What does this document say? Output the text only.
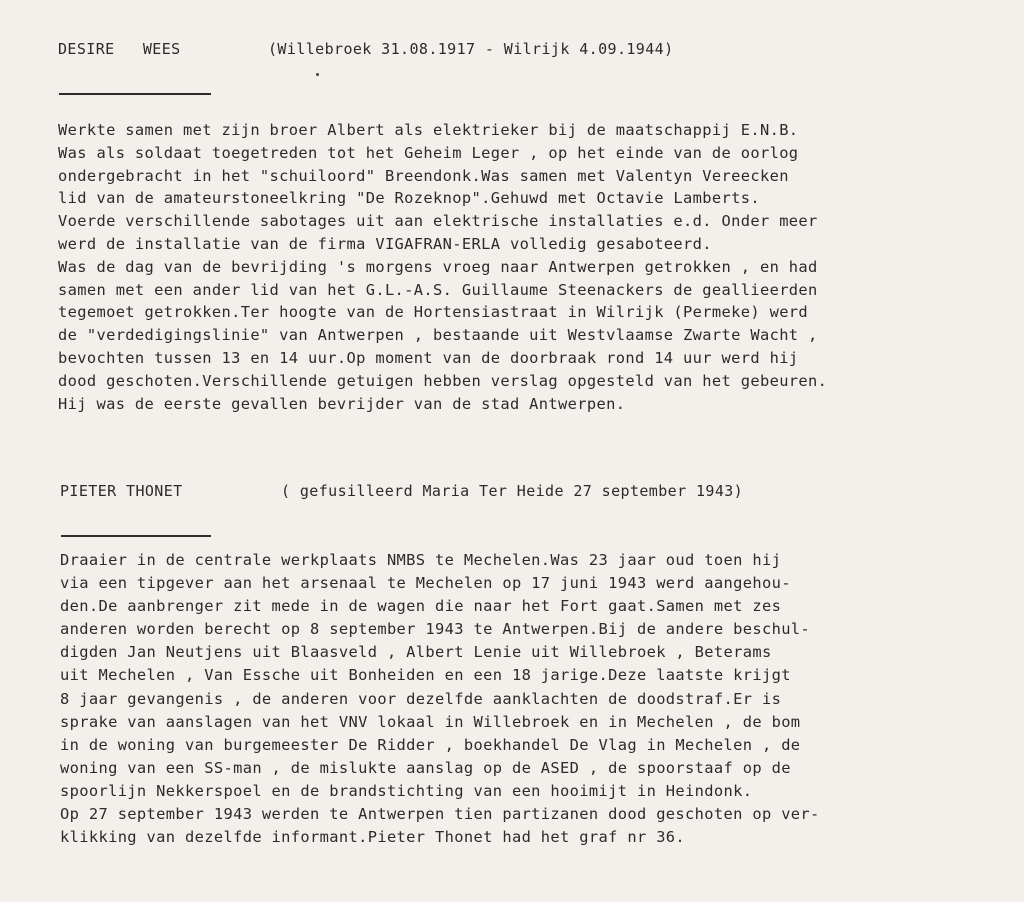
DESIRE   WEES	(Willebroek 31.08.1917 - Wilrijk 4.09.1944)
Werkte samen met zijn broer Albert als elektrieker bij de maatschappij E.N.B.
Was als soldaat toegetreden tot het Geheim Leger , op het einde van de oorlog
ondergebracht in het "schuiloord" Breendonk.Was samen met Valentyn Vereecken
lid van de amateurstoneelkring "De Rozeknop".Gehuwd met Octavie Lamberts.
Voerde verschillende sabotages uit aan elektrische installaties e.d. Onder meer
werd de installatie van de firma VIGAFRAN-ERLA volledig gesaboteerd.
Was de dag van de bevrijding 's morgens vroeg naar Antwerpen getrokken , en had
samen met een ander lid van het G.L.-A.S. Guillaume Steenackers de geallieerden
tegemoet getrokken.Ter hoogte van de Hortensiastraat in Wilrijk (Permeke) werd
de "verdedigingslinie" van Antwerpen , bestaande uit Westvlaamse Zwarte Wacht ,
bevochten tussen 13 en 14 uur.Op moment van de doorbraak rond 14 uur werd hij
dood geschoten.Verschillende getuigen hebben verslag opgesteld van het gebeuren.
Hij was de eerste gevallen bevrijder van de stad Antwerpen.
PIETER THONET	( gefusilleerd Maria Ter Heide 27 september 1943)
Draaier in de centrale werkplaats NMBS te Mechelen.Was 23 jaar oud toen hij
via een tipgever aan het arsenaal te Mechelen op 17 juni 1943 werd aangehou-
den.De aanbrenger zit mede in de wagen die naar het Fort gaat.Samen met zes
anderen worden berecht op 8 september 1943 te Antwerpen.Bij de andere beschul-
digden Jan Neutjens uit Blaasveld , Albert Lenie uit Willebroek , Beterams
uit Mechelen , Van Essche uit Bonheiden en een 18 jarige.Deze laatste krijgt
8 jaar gevangenis , de anderen voor dezelfde aanklachten de doodstraf.Er is
sprake van aanslagen van het VNV lokaal in Willebroek en in Mechelen , de bom
in de woning van burgemeester De Ridder , boekhandel De Vlag in Mechelen , de
woning van een SS-man , de mislukte aanslag op de ASED , de spoorstaaf op de
spoorlijn Nekkerspoel en de brandstichting van een hooimijt in Heindonk.
Op 27 september 1943 werden te Antwerpen tien partizanen dood geschoten op ver-
klikking van dezelfde informant.Pieter Thonet had het graf nr 36.
